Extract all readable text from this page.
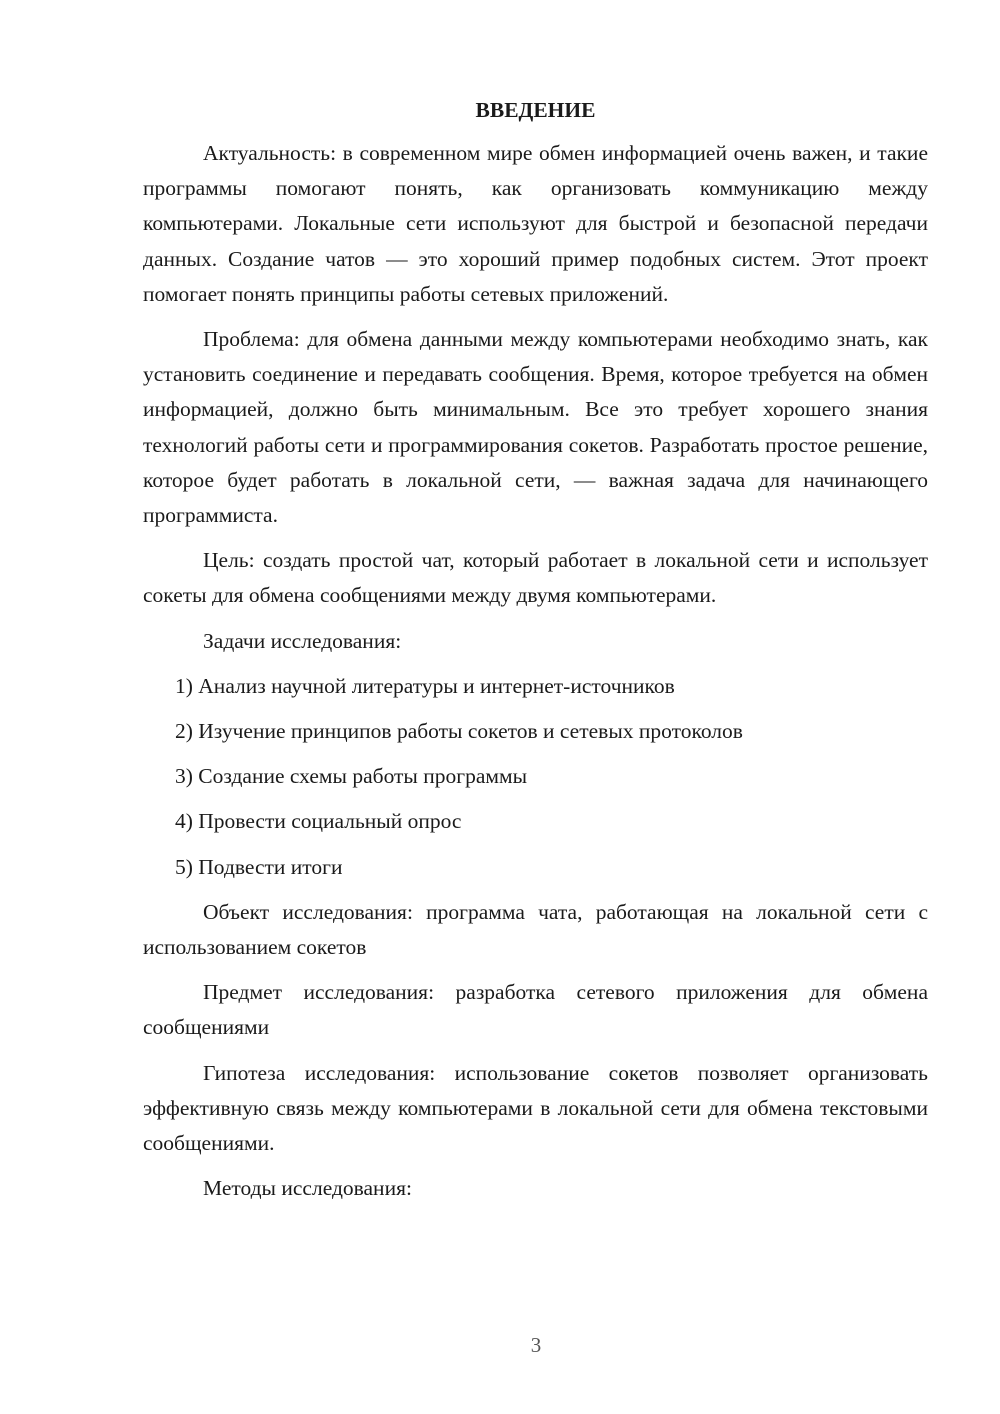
ВВЕДЕНИЕ

Актуальность: в современном мире обмен информацией очень важен, и такие программы помогают понять, как организовать коммуникацию между компьютерами. Локальные сети используют для быстрой и безопасной передачи данных. Создание чатов — это хороший пример подобных систем. Этот проект помогает понять принципы работы сетевых приложений.

Проблема: для обмена данными между компьютерами необходимо знать, как установить соединение и передавать сообщения. Время, которое требуется на обмен информацией, должно быть минимальным. Все это требует хорошего знания технологий работы сети и программирования сокетов. Разработать простое решение, которое будет работать в локальной сети, — важная задача для начинающего программиста.

Цель: создать простой чат, который работает в локальной сети и использует сокеты для обмена сообщениями между двумя компьютерами.

Задачи исследования:

1) Анализ научной литературы и интернет-источников

2) Изучение принципов работы сокетов и сетевых протоколов

3) Создание схемы работы программы

4) Провести социальный опрос

5) Подвести итоги

Объект исследования: программа чата, работающая на локальной сети с использованием сокетов

Предмет исследования: разработка сетевого приложения для обмена сообщениями

Гипотеза исследования: использование сокетов позволяет организовать эффективную связь между компьютерами в локальной сети для обмена текстовыми сообщениями.

Методы исследования:

3
